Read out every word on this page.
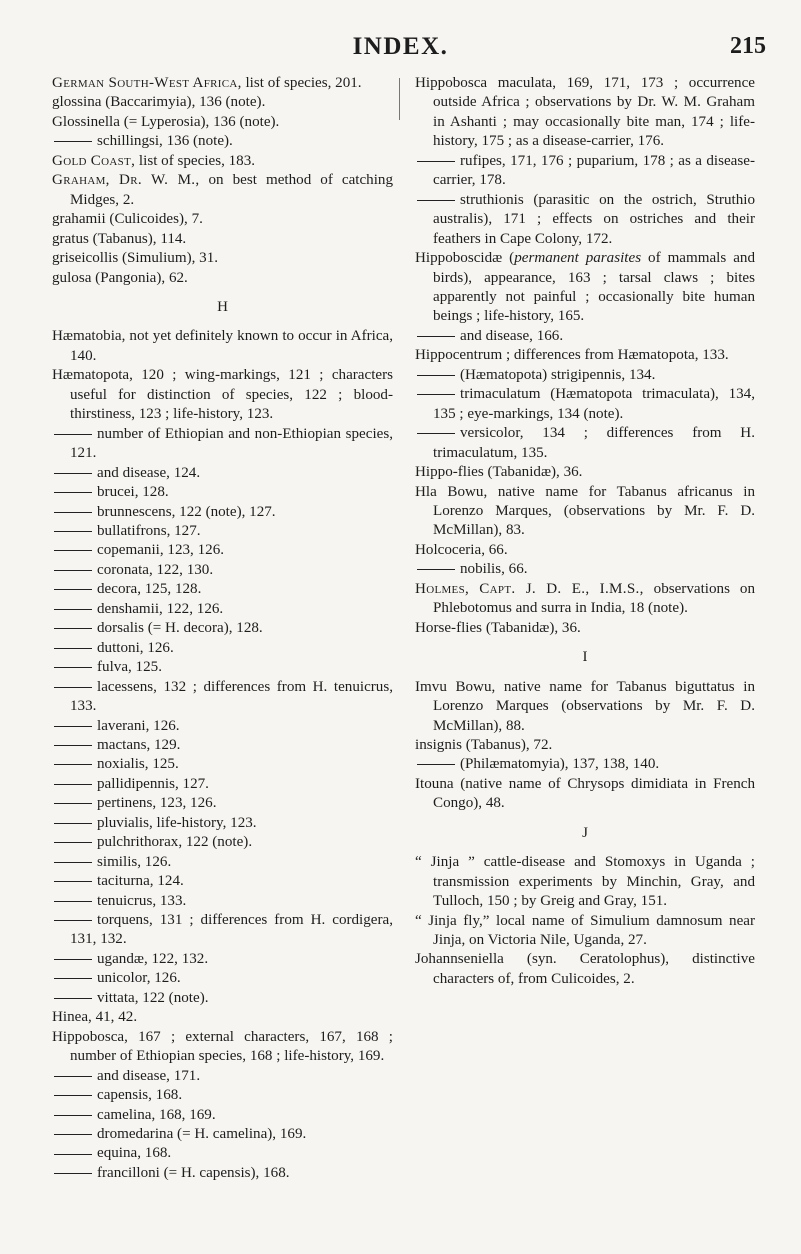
INDEX.	215
German South-West Africa, list of species, 201.
glossina (Baccarimyia), 136 (note).
Glossinella (= Lyperosia), 136 (note).
schillingsi, 136 (note).
Gold Coast, list of species, 183.
Graham, Dr. W. M., on best method of catching Midges, 2.
grahamii (Culicoides), 7.
gratus (Tabanus), 114.
griseicollis (Simulium), 31.
gulosa (Pangonia), 62.
H
Hæmatobia, not yet definitely known to occur in Africa, 140.
Hæmatopota, 120 ; wing-markings, 121 ; characters useful for distinction of species, 122 ; blood-thirstiness, 123 ; life-history, 123.
number of Ethiopian and non-Ethiopian species, 121.
and disease, 124.
brucei, 128.
brunnescens, 122 (note), 127.
bullatifrons, 127.
copemanii, 123, 126.
coronata, 122, 130.
decora, 125, 128.
denshamii, 122, 126.
dorsalis (= H. decora), 128.
duttoni, 126.
fulva, 125.
lacessens, 132 ; differences from H. tenuicrus, 133.
laverani, 126.
mactans, 129.
noxialis, 125.
pallidipennis, 127.
pertinens, 123, 126.
pluvialis, life-history, 123.
pulchrithorax, 122 (note).
similis, 126.
taciturna, 124.
tenuicrus, 133.
torquens, 131 ; differences from H. cordigera, 131, 132.
ugandæ, 122, 132.
unicolor, 126.
vittata, 122 (note).
Hinea, 41, 42.
Hippobosca, 167 ; external characters, 167, 168 ; number of Ethiopian species, 168 ; life-history, 169.
and disease, 171.
capensis, 168.
camelina, 168, 169.
dromedarina (= H. camelina), 169.
equina, 168.
francilloni (= H. capensis), 168.
Hippobosca maculata, 169, 171, 173 ; occurrence outside Africa ; observations by Dr. W. M. Graham in Ashanti ; may occasionally bite man, 174 ; life-history, 175 ; as a disease-carrier, 176.
rufipes, 171, 176 ; puparium, 178 ; as a disease-carrier, 178.
struthionis (parasitic on the ostrich, Struthio australis), 171 ; effects on ostriches and their feathers in Cape Colony, 172.
Hippoboscidæ (permanent parasites of mammals and birds), appearance, 163 ; tarsal claws ; bites apparently not painful ; occasionally bite human beings ; life-history, 165.
and disease, 166.
Hippocentrum ; differences from Hæmatopota, 133.
(Hæmatopota) strigipennis, 134.
trimaculatum (Hæmatopota trimaculata), 134, 135 ; eye-markings, 134 (note).
versicolor, 134 ; differences from H. trimaculatum, 135.
Hippo-flies (Tabanidæ), 36.
Hla Bowu, native name for Tabanus africanus in Lorenzo Marques, (observations by Mr. F. D. McMillan), 83.
Holcoceria, 66.
nobilis, 66.
Holmes, Capt. J. D. E., I.M.S., observations on Phlebotomus and surra in India, 18 (note).
Horse-flies (Tabanidæ), 36.
I
Imvu Bowu, native name for Tabanus biguttatus in Lorenzo Marques (observations by Mr. F. D. McMillan), 88.
insignis (Tabanus), 72.
(Philæmatomyia), 137, 138, 140.
Itouna (native name of Chrysops dimidiata in French Congo), 48.
J
“ Jinja ” cattle-disease and Stomoxys in Uganda ; transmission experiments by Minchin, Gray, and Tulloch, 150 ; by Greig and Gray, 151.
“ Jinja fly,” local name of Simulium damnosum near Jinja, on Victoria Nile, Uganda, 27.
Johannseniella (syn. Ceratolophus), distinctive characters of, from Culicoides, 2.
